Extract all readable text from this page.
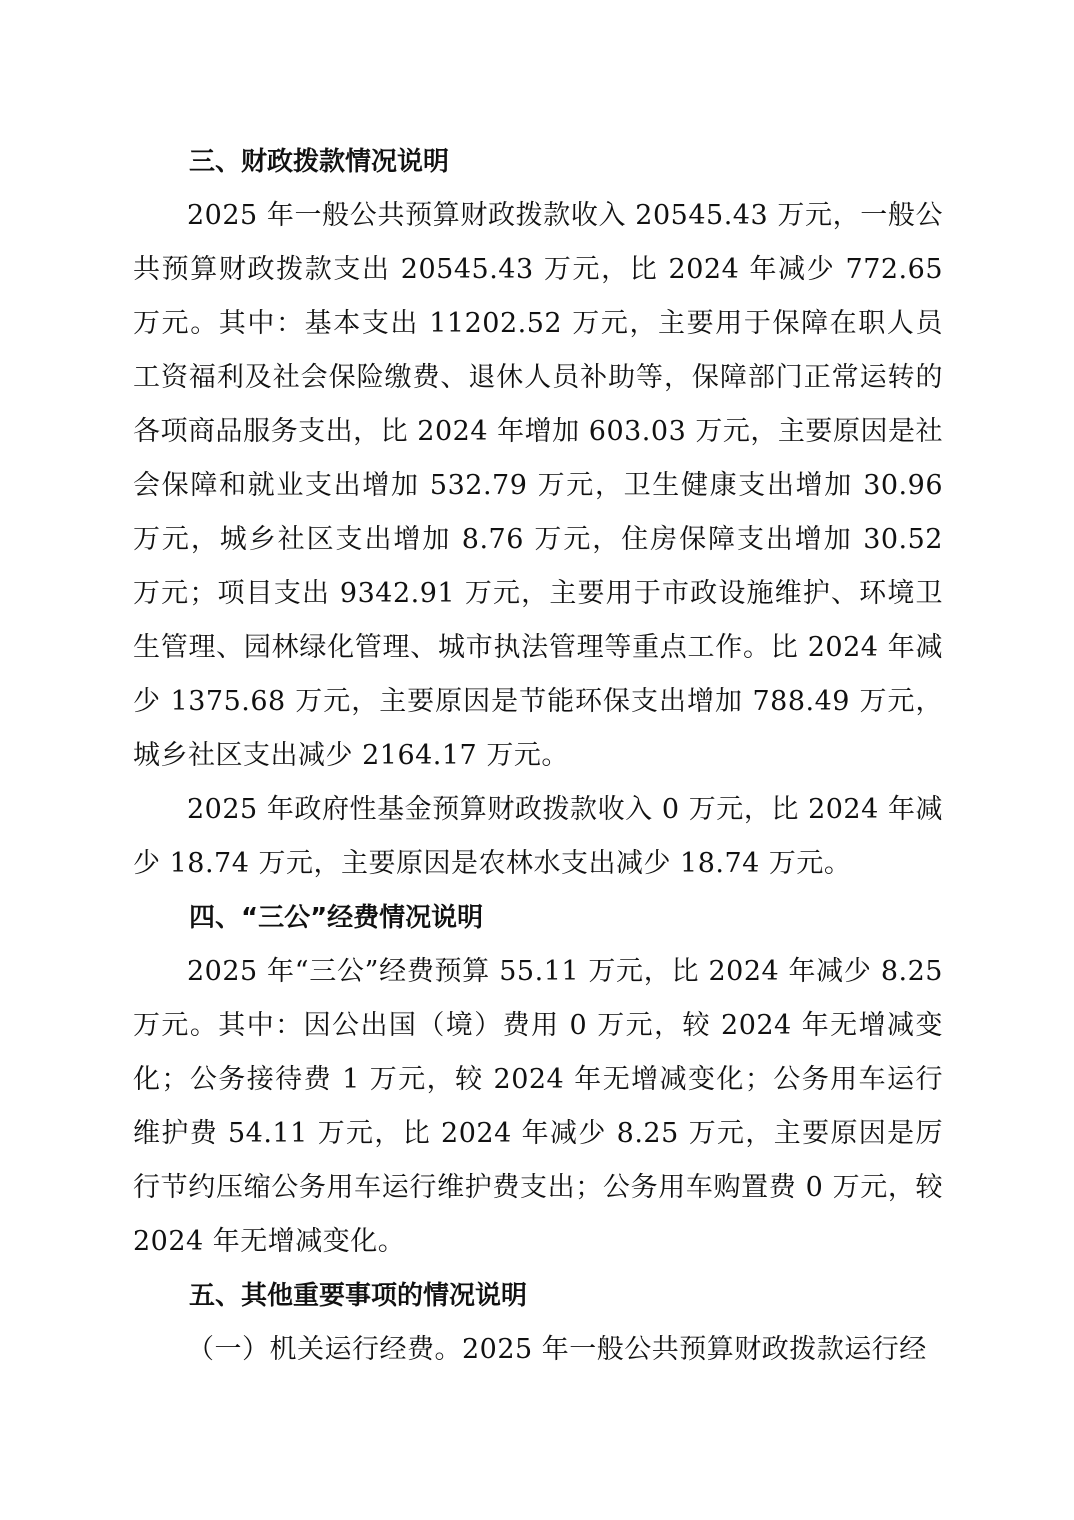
三、财政拨款情况说明

2025 年一般公共预算财政拨款收入 20545.43 万元，一般公共预算财政拨款支出 20545.43 万元，比 2024 年减少 772.65 万元。其中：基本支出 11202.52 万元，主要用于保障在职人员工资福利及社会保险缴费、退休人员补助等，保障部门正常运转的各项商品服务支出，比 2024 年增加 603.03 万元，主要原因是社会保障和就业支出增加 532.79 万元，卫生健康支出增加 30.96 万元，城乡社区支出增加 8.76 万元，住房保障支出增加 30.52 万元；项目支出 9342.91 万元，主要用于市政设施维护、环境卫生管理、园林绿化管理、城市执法管理等重点工作。比 2024 年减少 1375.68 万元，主要原因是节能环保支出增加 788.49 万元，城乡社区支出减少 2164.17 万元。

2025 年政府性基金预算财政拨款收入 0 万元，比 2024 年减少 18.74 万元，主要原因是农林水支出减少 18.74 万元。

四、“三公”经费情况说明

2025 年“三公”经费预算 55.11 万元，比 2024 年减少 8.25 万元。其中：因公出国（境）费用 0 万元，较 2024 年无增减变化；公务接待费 1 万元，较 2024 年无增减变化；公务用车运行维护费 54.11 万元，比 2024 年减少 8.25 万元，主要原因是厉行节约压缩公务用车运行维护费支出；公务用车购置费 0 万元，较 2024 年无增减变化。

五、其他重要事项的情况说明

（一）机关运行经费。2025 年一般公共预算财政拨款运行经
